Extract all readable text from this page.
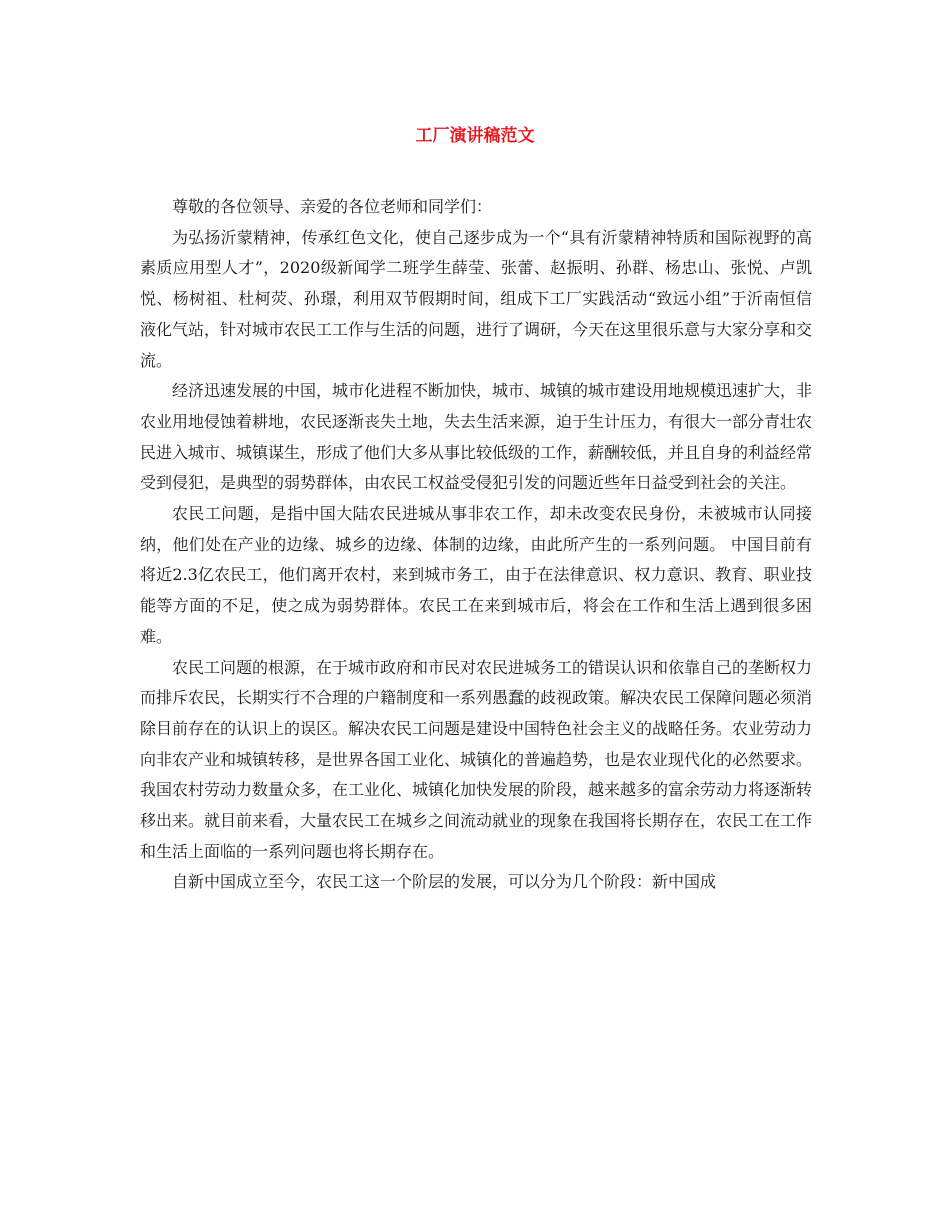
工厂演讲稿范文

尊敬的各位领导、亲爱的各位老师和同学们：

为弘扬沂蒙精神，传承红色文化，使自己逐步成为一个“具有沂蒙精神特质和国际视野的高素质应用型人才”，2020级新闻学二班学生薛莹、张蕾、赵振明、孙群、杨忠山、张悦、卢凯悦、杨树祖、杜柯荧、孙璟，利用双节假期时间，组成下工厂实践活动“致远小组”于沂南恒信液化气站，针对城市农民工工作与生活的问题，进行了调研，今天在这里很乐意与大家分享和交流。

经济迅速发展的中国，城市化进程不断加快，城市、城镇的城市建设用地规模迅速扩大，非农业用地侵蚀着耕地，农民逐渐丧失土地，失去生活来源，迫于生计压力，有很大一部分青壮农民进入城市、城镇谋生，形成了他们大多从事比较低级的工作，薪酬较低，并且自身的利益经常受到侵犯，是典型的弱势群体，由农民工权益受侵犯引发的问题近些年日益受到社会的关注。

农民工问题，是指中国大陆农民进城从事非农工作，却未改变农民身份，未被城市认同接纳，他们处在产业的边缘、城乡的边缘、体制的边缘，由此所产生的一系列问题。 中国目前有将近2.3亿农民工，他们离开农村，来到城市务工，由于在法律意识、权力意识、教育、职业技能等方面的不足，使之成为弱势群体。农民工在来到城市后，将会在工作和生活上遇到很多困难。

农民工问题的根源，在于城市政府和市民对农民进城务工的错误认识和依靠自己的垄断权力而排斥农民，长期实行不合理的户籍制度和一系列愚蠢的歧视政策。解决农民工保障问题必须消除目前存在的认识上的误区。解决农民工问题是建设中国特色社会主义的战略任务。农业劳动力向非农产业和城镇转移，是世界各国工业化、城镇化的普遍趋势，也是农业现代化的必然要求。我国农村劳动力数量众多，在工业化、城镇化加快发展的阶段，越来越多的富余劳动力将逐渐转移出来。就目前来看，大量农民工在城乡之间流动就业的现象在我国将长期存在，农民工在工作和生活上面临的一系列问题也将长期存在。

自新中国成立至今，农民工这一个阶层的发展，可以分为几个阶段：新中国成
